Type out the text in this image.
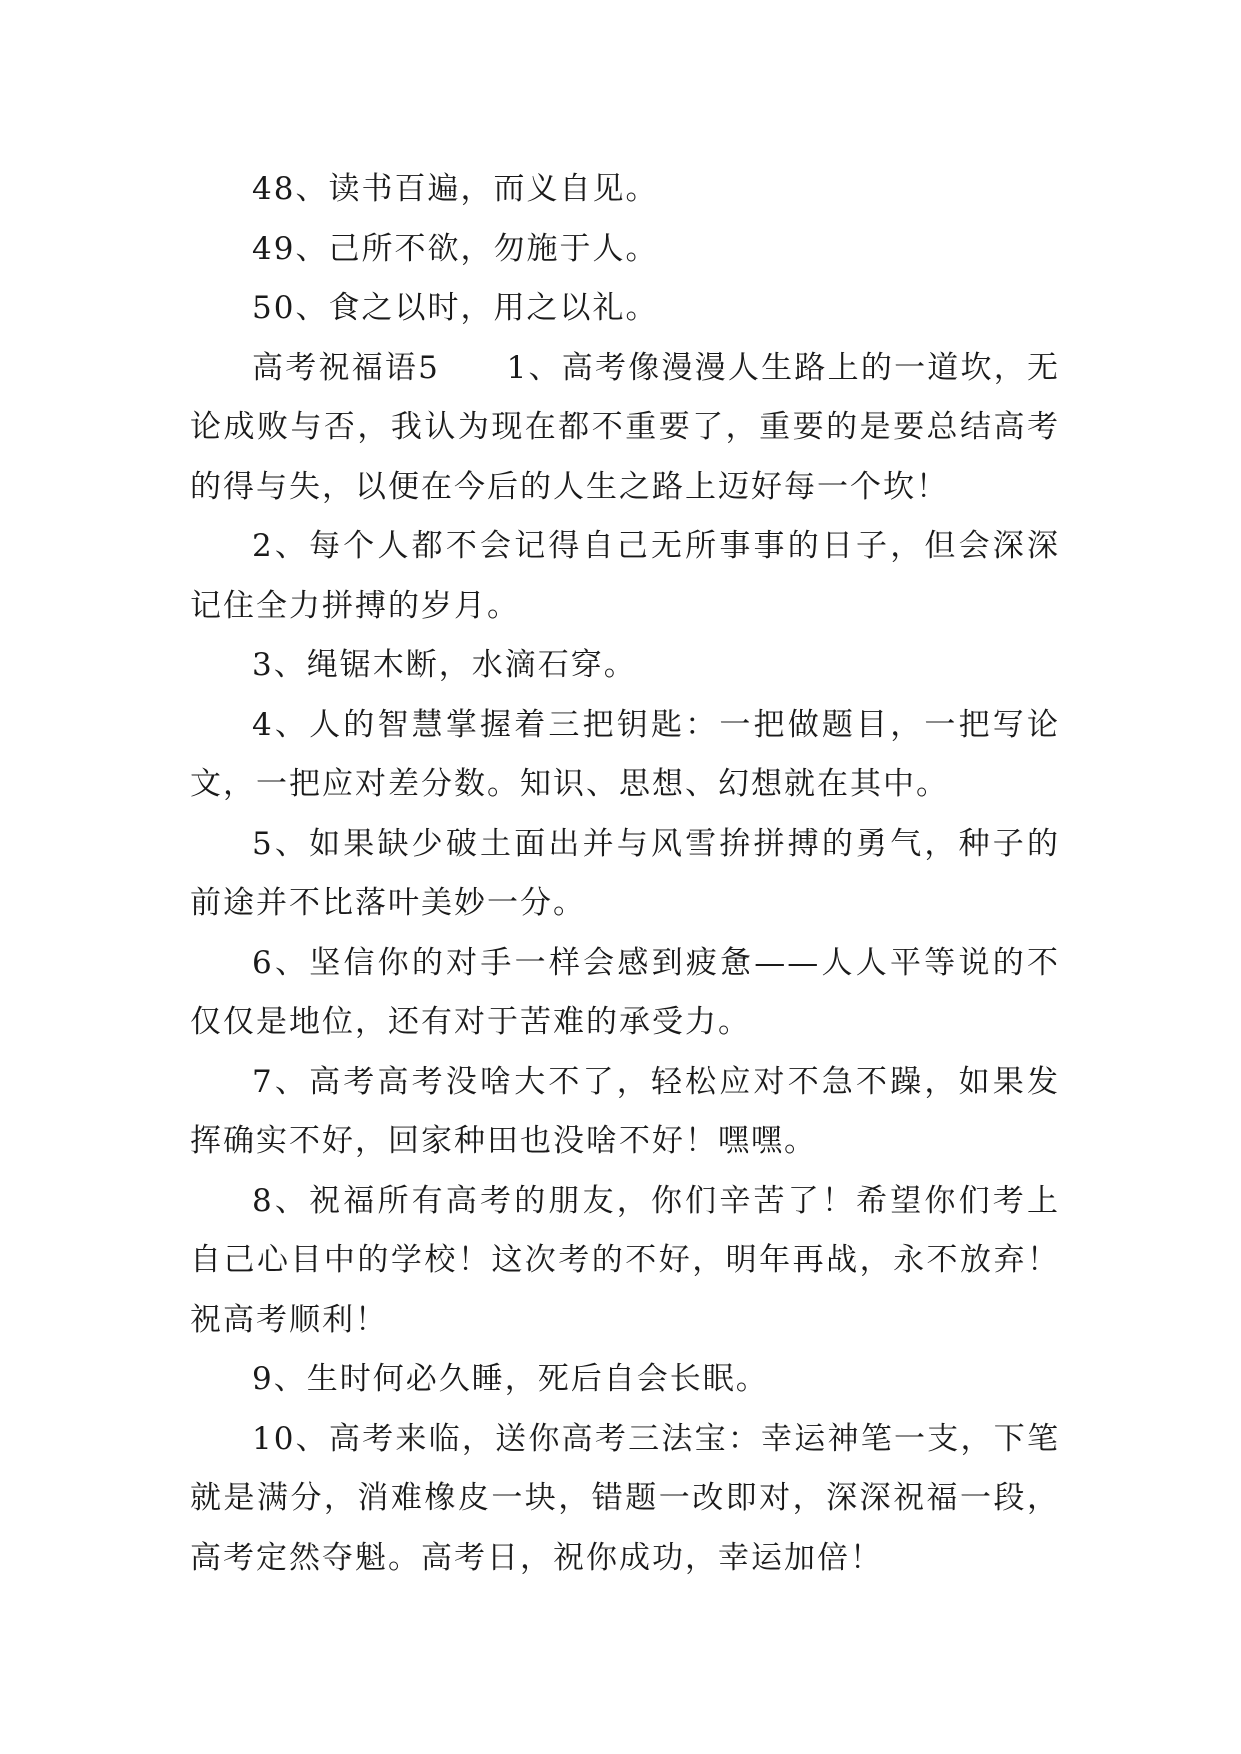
48、读书百遍，而义自见。

49、己所不欲，勿施于人。

50、食之以时，用之以礼。

高考祝福语5　　1、高考像漫漫人生路上的一道坎，无论成败与否，我认为现在都不重要了，重要的是要总结高考的得与失，以便在今后的人生之路上迈好每一个坎！

2、每个人都不会记得自己无所事事的日子，但会深深记住全力拼搏的岁月。

3、绳锯木断，水滴石穿。

4、人的智慧掌握着三把钥匙：一把做题目，一把写论文，一把应对差分数。知识、思想、幻想就在其中。

5、如果缺少破土面出并与风雪拚拼搏的勇气，种子的前途并不比落叶美妙一分。

6、坚信你的对手一样会感到疲惫——人人平等说的不仅仅是地位，还有对于苦难的承受力。

7、高考高考没啥大不了，轻松应对不急不躁，如果发挥确实不好，回家种田也没啥不好！嘿嘿。

8、祝福所有高考的朋友，你们辛苦了！希望你们考上自己心目中的学校！这次考的不好，明年再战，永不放弃！祝高考顺利！

9、生时何必久睡，死后自会长眠。

10、高考来临，送你高考三法宝：幸运神笔一支，下笔就是满分，消难橡皮一块，错题一改即对，深深祝福一段，高考定然夺魁。高考日，祝你成功，幸运加倍！
